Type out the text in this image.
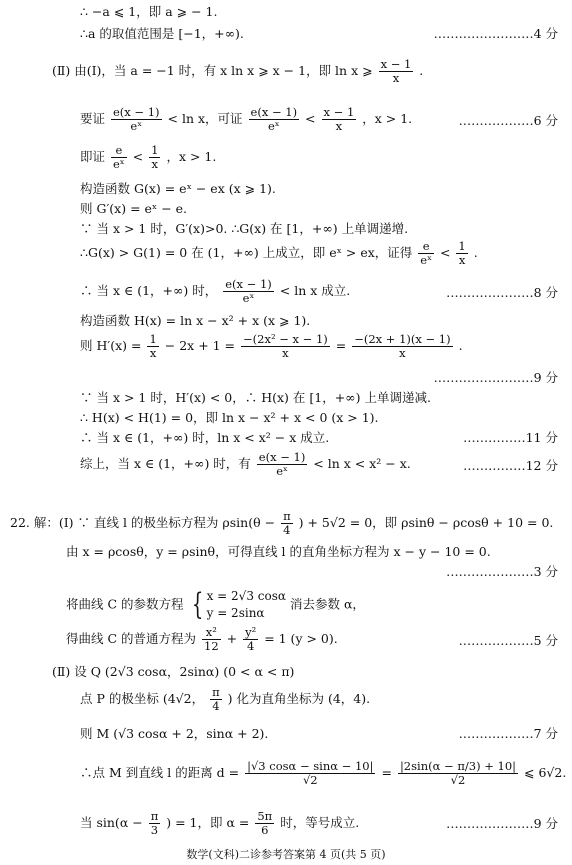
∴ −a ⩽ 1，即 a ⩾ − 1.
∴a 的取值范围是 [−1，+∞).	……………………4 分
(Ⅱ) 由(Ⅰ)，当 a = −1 时，有 x ln x ⩾ x − 1，即 ln x ⩾ $\frac{x - 1}{x}$ .
要证 $\frac{e(x - 1)}{\text{eˣ}} < \ln x$，可证 $\frac{e(x - 1)}{\text{eˣ}} < \frac{x - 1}{x}$ ，x > 1.	………………6 分
即证 $\frac{e}{\text{eˣ}} < \frac{1}{x}$ ，x > 1.
构造函数 G(x) = eˣ − ex (x ⩾ 1).
则 G′(x) = eˣ − e.
∵ 当 x > 1 时，G′(x)>0. ∴G(x) 在 [1，+∞) 上单调递增.
∴G(x) > G(1) = 0 在 (1，+∞) 上成立，即 eˣ > ex，证得 $\frac{e}{\text{eˣ}} < \frac{1}{x}$ .
∴ 当 x ∈ (1，+∞) 时， $\frac{e(x - 1)}{\text{eˣ}} < \ln x$ 成立.	…………………8 分
构造函数 H(x) = ln x − x² + x (x ⩾ 1).
则 $H'(x) = \frac{1}{x} - 2x + 1 = \frac{\text{−(2x² − x − 1)}}{x} = \frac{-(2x + 1)(x - 1)}{x}$ .
……………………9 分
∵ 当 x > 1 时，H′(x) < 0，∴ H(x) 在 [1，+∞) 上单调递减.
∴ H(x) < H(1) = 0，即 ln x − x² + x < 0 (x > 1).
∴ 当 x ∈ (1，+∞) 时，ln x < x² − x 成立.	……………11 分
综上，当 x ∈ (1，+∞) 时，有 $\frac{e(x - 1)}{\text{eˣ}} < \ln x < x^2 - x$.	……………12 分
22. 解：(Ⅰ) ∵ 直线 l 的极坐标方程为 $\rho\sin(\theta - \frac{\pi}{4}$ ) + 5√2 = 0，即 ρsinθ − ρcosθ + 10 = 0.
由 x = ρcosθ，y = ρsinθ，可得直线 l 的直角坐标方程为 x − y − 10 = 0.
…………………3 分
将曲线 C 的参数方程 { x = 2√3 cosα
y = 2sinα
消去参数 α，
得曲线 C 的普通方程为 $\frac{\text{x²}}{12} + \frac{\text{y²}}{4} = 1$ (y > 0).	………………5 分
(Ⅱ) 设 Q (2√3 cosα，2sinα) (0 < α < π)
点 P 的极坐标 (4√2， $\frac{\pi}{4}$ ) 化为直角坐标为 (4，4).
则 M (√3 cosα + 2，sinα + 2).	………………7 分
∴点 M 到直线 l 的距离 $d = \frac{|√3 \cos\alpha - \sin\alpha - 10|}{√2} = \frac{|2\sin(\alpha - \pi/3) + 10|}{√2}$ ⩽ 6√2.
当 $\sin(\alpha - \frac{\pi}{3}$ ) = 1，即 $\alpha = \frac{5\pi}{6}$ 时，等号成立.	…………………9 分
数学(文科)二诊参考答案第 4 页(共 5 页)
